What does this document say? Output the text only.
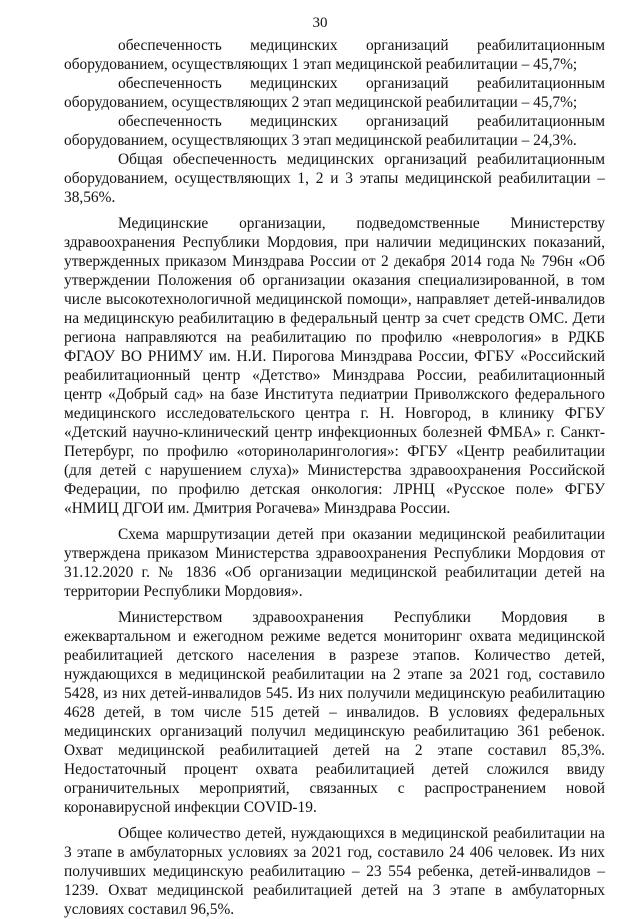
30

обеспеченность медицинских организаций реабилитационным оборудованием, осуществляющих 1 этап медицинской реабилитации – 45,7%;

обеспеченность медицинских организаций реабилитационным оборудованием, осуществляющих 2 этап медицинской реабилитации – 45,7%;

обеспеченность медицинских организаций реабилитационным оборудованием, осуществляющих 3 этап медицинской реабилитации – 24,3%.

Общая обеспеченность медицинских организаций реабилитационным оборудованием, осуществляющих 1, 2 и 3 этапы медицинской реабилитации – 38,56%.

Медицинские организации, подведомственные Министерству здравоохранения Республики Мордовия, при наличии медицинских показаний, утвержденных приказом Минздрава России от 2 декабря 2014 года № 796н «Об утверждении Положения об организации оказания специализированной, в том числе высокотехнологичной медицинской помощи», направляет детей-инвалидов на медицинскую реабилитацию в федеральный центр за счет средств ОМС. Дети региона направляются на реабилитацию по профилю «неврология» в РДКБ ФГАОУ ВО РНИМУ им. Н.И. Пирогова Минздрава России, ФГБУ «Российский реабилитационный центр «Детство» Минздрава России, реабилитационный центр «Добрый сад» на базе Института педиатрии Приволжского федерального медицинского исследовательского центра г. Н. Новгород, в клинику ФГБУ «Детский научно-клинический центр инфекционных болезней ФМБА» г. Санкт-Петербург, по профилю «оториноларингология»: ФГБУ «Центр реабилитации (для детей с нарушением слуха)» Министерства здравоохранения Российской Федерации, по профилю детская онкология: ЛРНЦ «Русское поле» ФГБУ «НМИЦ ДГОИ им. Дмитрия Рогачева» Минздрава России.

Схема маршрутизации детей при оказании медицинской реабилитации утверждена приказом Министерства здравоохранения Республики Мордовия от 31.12.2020 г. № 1836 «Об организации медицинской реабилитации детей на территории Республики Мордовия».

Министерством здравоохранения Республики Мордовия в ежеквартальном и ежегодном режиме ведется мониторинг охвата медицинской реабилитацией детского населения в разрезе этапов. Количество детей, нуждающихся в медицинской реабилитации на 2 этапе за 2021 год, составило 5428, из них детей-инвалидов 545. Из них получили медицинскую реабилитацию 4628 детей, в том числе 515 детей – инвалидов. В условиях федеральных медицинских организаций получил медицинскую реабилитацию 361 ребенок. Охват медицинской реабилитацией детей на 2 этапе составил 85,3%. Недостаточный процент охвата реабилитацией детей сложился ввиду ограничительных мероприятий, связанных с распространением новой коронавирусной инфекции COVID-19.

Общее количество детей, нуждающихся в медицинской реабилитации на 3 этапе в амбулаторных условиях за 2021 год, составило 24 406 человек. Из них получивших медицинскую реабилитацию – 23 554 ребенка, детей-инвалидов – 1239. Охват медицинской реабилитацией детей на 3 этапе в амбулаторных условиях составил 96,5%.
